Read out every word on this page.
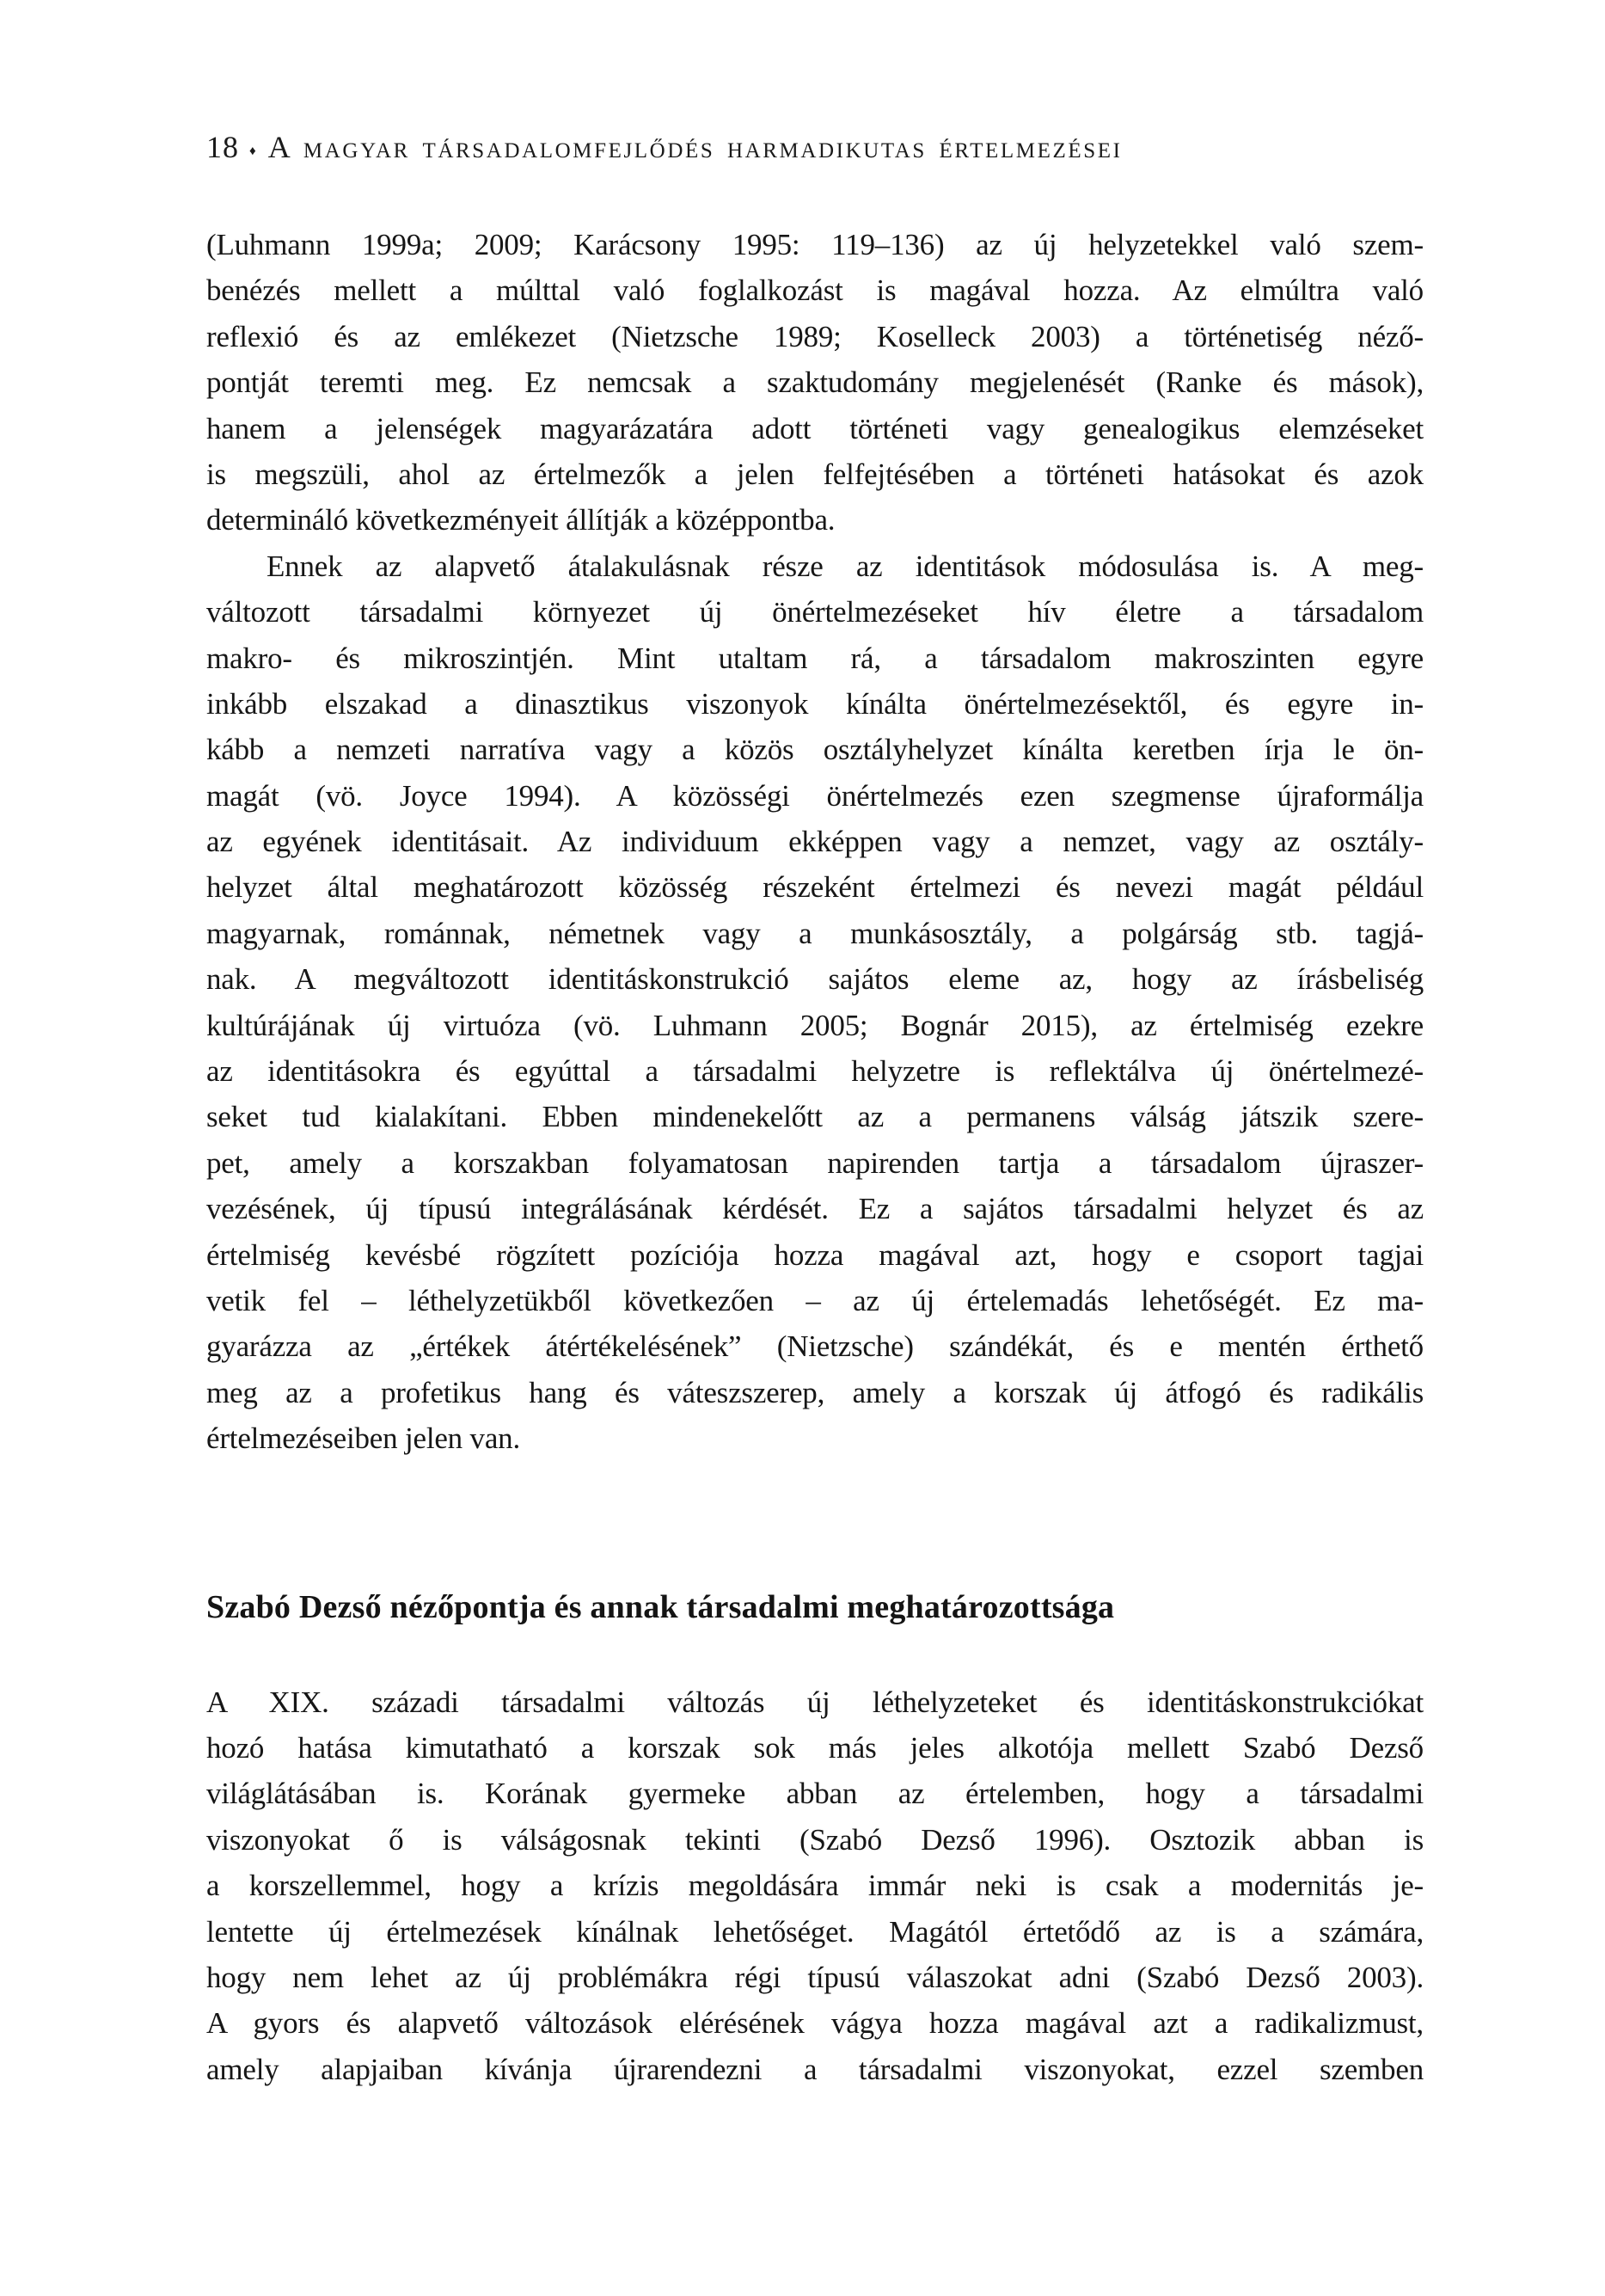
18 ♦ A magyar társadalomfejlődés harmadikutas értelmezései
(Luhmann 1999a; 2009; Karácsony 1995: 119–136) az új helyzetekkel való szem-
benézés mellett a múlttal való foglalkozást is magával hozza. Az elmúltra való
reflexió és az emlékezet (Nietzsche 1989; Koselleck 2003) a történetiség néző-
pontját teremti meg. Ez nemcsak a szaktudomány megjelenését (Ranke és mások),
hanem a jelenségek magyarázatára adott történeti vagy genealogikus elemzéseket
is megszüli, ahol az értelmezők a jelen felfejtésében a történeti hatásokat és azok
determináló következményeit állítják a középpontba.
Ennek az alapvető átalakulásnak része az identitások módosulása is. A meg-
változott társadalmi környezet új önértelmezéseket hív életre a társadalom
makro- és mikroszintjén. Mint utaltam rá, a társadalom makroszinten egyre
inkább elszakad a dinasztikus viszonyok kínálta önértelmezésektől, és egyre in-
kább a nemzeti narratíva vagy a közös osztályhelyzet kínálta keretben írja le ön-
magát (vö. Joyce 1994). A közösségi önértelmezés ezen szegmense újraformálja
az egyének identitásait. Az individuum ekképpen vagy a nemzet, vagy az osztály-
helyzet által meghatározott közösség részeként értelmezi és nevezi magát például
magyarnak, románnak, németnek vagy a munkásosztály, a polgárság stb. tagjá-
nak. A megváltozott identitáskonstrukció sajátos eleme az, hogy az írásbeliség
kultúrájának új virtuóza (vö. Luhmann 2005; Bognár 2015), az értelmiség ezekre
az identitásokra és egyúttal a társadalmi helyzetre is reflektálva új önértelmezé-
seket tud kialakítani. Ebben mindenekelőtt az a permanens válság játszik szere-
pet, amely a korszakban folyamatosan napirenden tartja a társadalom újraszer-
vezésének, új típusú integrálásának kérdését. Ez a sajátos társadalmi helyzet és az
értelmiség kevésbé rögzített pozíciója hozza magával azt, hogy e csoport tagjai
vetik fel – léthelyzetükből következően – az új értelemadás lehetőségét. Ez ma-
gyarázza az „értékek átértékelésének” (Nietzsche) szándékát, és e mentén érthető
meg az a profetikus hang és váteszszerep, amely a korszak új átfogó és radikális
értelmezéseiben jelen van.
Szabó Dezső nézőpontja és annak társadalmi meghatározottsága
A XIX. századi társadalmi változás új léthelyzeteket és identitáskonstrukciókat
hozó hatása kimutatható a korszak sok más jeles alkotója mellett Szabó Dezső
világlátásában is. Korának gyermeke abban az értelemben, hogy a társadalmi
viszonyokat ő is válságosnak tekinti (Szabó Dezső 1996). Osztozik abban is
a korszellemmel, hogy a krízis megoldására immár neki is csak a modernitás je-
lentette új értelmezések kínálnak lehetőséget. Magától értetődő az is a számára,
hogy nem lehet az új problémákra régi típusú válaszokat adni (Szabó Dezső 2003).
A gyors és alapvető változások elérésének vágya hozza magával azt a radikalizmust,
amely alapjaiban kívánja újrarendezni a társadalmi viszonyokat, ezzel szemben
